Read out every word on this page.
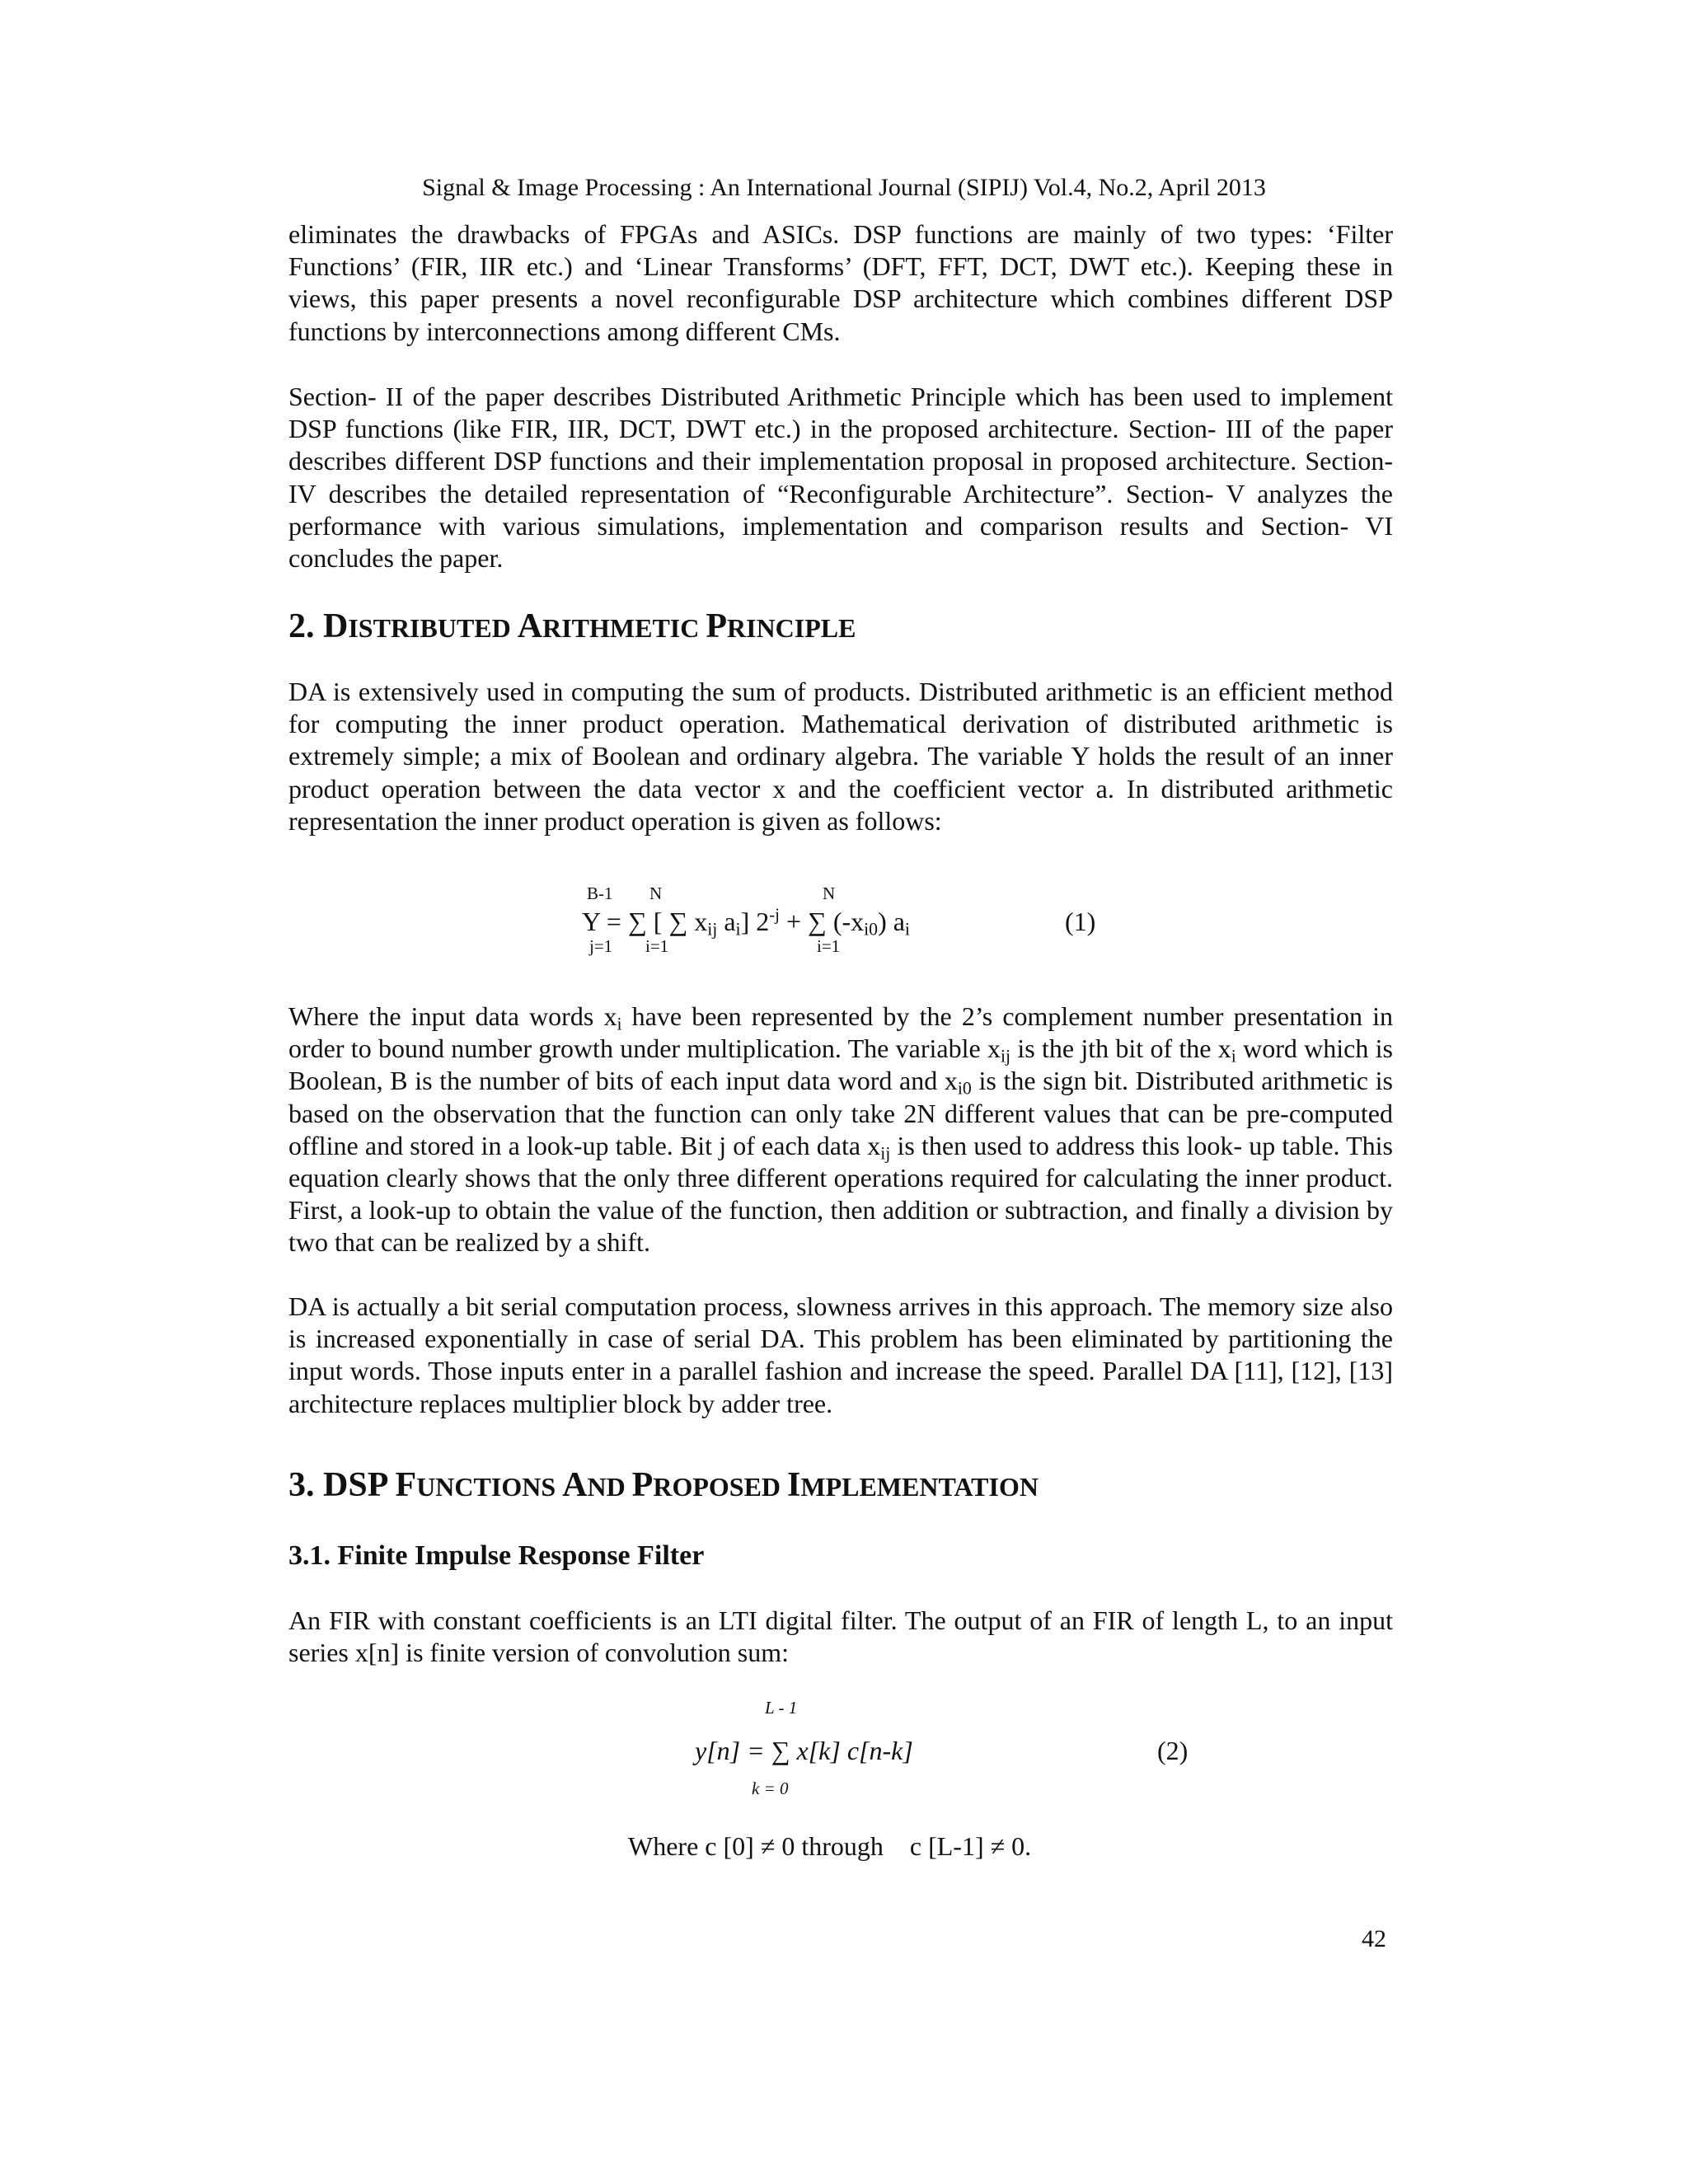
Signal & Image Processing : An International Journal (SIPIJ) Vol.4, No.2, April 2013

eliminates the drawbacks of FPGAs and ASICs. DSP functions are mainly of two types: ‘Filter Functions’ (FIR, IIR etc.) and ‘Linear Transforms’ (DFT, FFT, DCT, DWT etc.). Keeping these in views, this paper presents a novel reconfigurable DSP architecture which combines different DSP functions by interconnections among different CMs.

Section- II of the paper describes Distributed Arithmetic Principle which has been used to implement DSP functions (like FIR, IIR, DCT, DWT etc.) in the proposed architecture. Section- III of the paper describes different DSP functions and their implementation proposal in proposed architecture. Section- IV describes the detailed representation of “Reconfigurable Architecture”. Section- V analyzes the performance with various simulations, implementation and comparison results and Section- VI concludes the paper.

2. DISTRIBUTED ARITHMETIC PRINCIPLE

DA is extensively used in computing the sum of products. Distributed arithmetic is an efficient method for computing the inner product operation. Mathematical derivation of distributed arithmetic is extremely simple; a mix of Boolean and ordinary algebra. The variable Y holds the result of an inner product operation between the data vector x and the coefficient vector a. In distributed arithmetic representation the inner product operation is given as follows:

B-1 N	N
Y = ∑ [ ∑ $x_{ij}$ $a_i$] $2^{-j}$ + ∑ $(-x_{i0})$ $a_i$
j=1 i=1	i=1
(1)

Where the input data words $x_i$ have been represented by the 2’s complement number presentation in order to bound number growth under multiplication. The variable $x_{ij}$ is the jth bit of the $x_i$ word which is Boolean, B is the number of bits of each input data word and $x_{i0}$ is the sign bit. Distributed arithmetic is based on the observation that the function can only take 2N different values that can be pre-computed offline and stored in a look-up table. Bit j of each data $x_{ij}$ is then used to address this look- up table. This equation clearly shows that the only three different operations required for calculating the inner product. First, a look-up to obtain the value of the function, then addition or subtraction, and finally a division by two that can be realized by a shift.

DA is actually a bit serial computation process, slowness arrives in this approach. The memory size also is increased exponentially in case of serial DA. This problem has been eliminated by partitioning the input words. Those inputs enter in a parallel fashion and increase the speed. Parallel DA [11], [12], [13] architecture replaces multiplier block by adder tree.

3. DSP FUNCTIONS AND PROPOSED IMPLEMENTATION
3.1. Finite Impulse Response Filter

An FIR with constant coefficients is an LTI digital filter. The output of an FIR of length L, to an input series x[n] is finite version of convolution sum:

L - 1
y[n] = ∑ x[k] c[n-k]
k = 0
(2)
Where c [0] ≠ 0 through    c [L-1] ≠ 0.
42
